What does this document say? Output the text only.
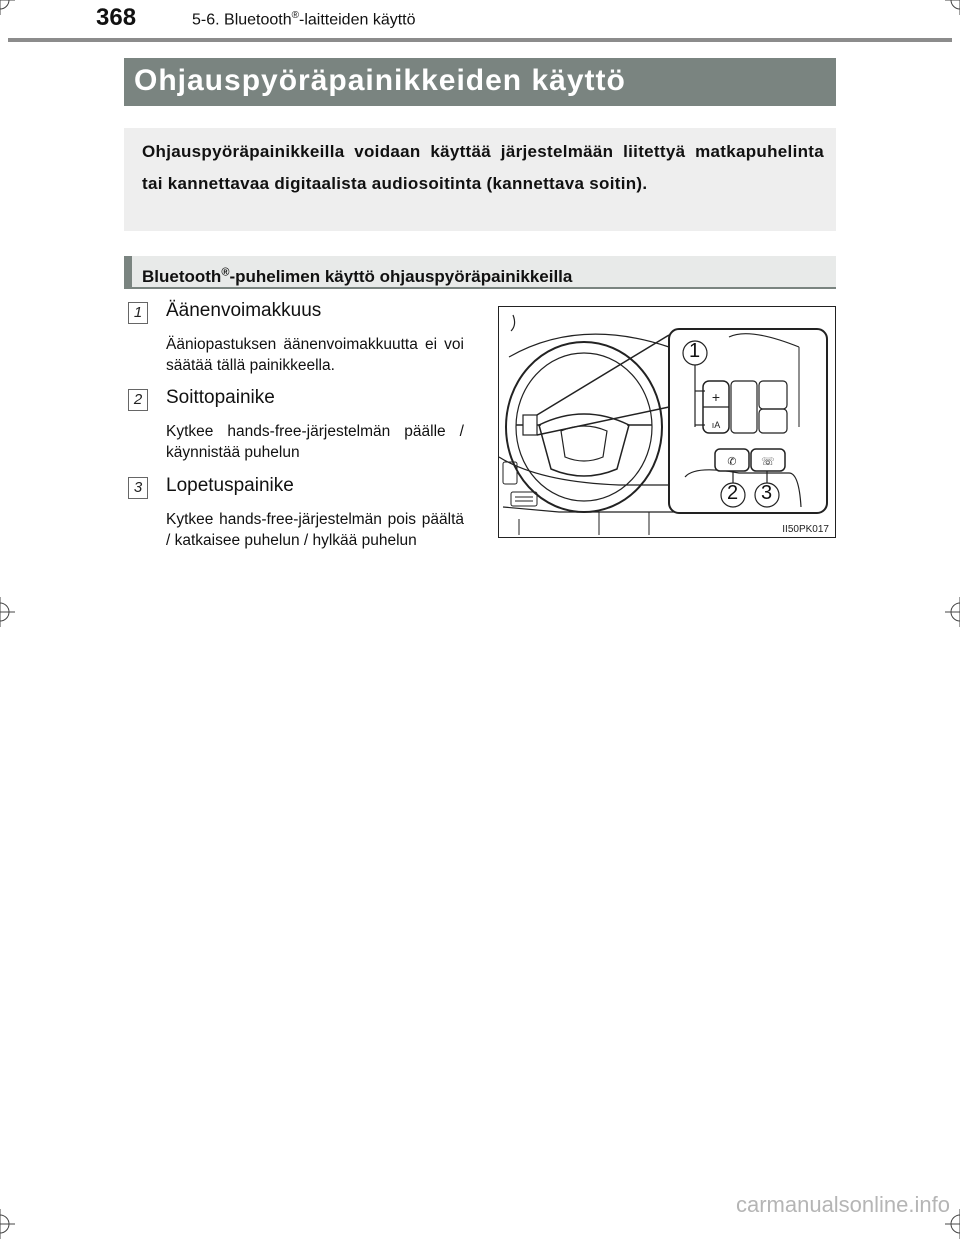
368	5-6. Bluetooth®-laitteiden käyttö
Ohjauspyöräpainikkeiden käyttö

Ohjauspyöräpainikkeilla voidaan käyttää järjestelmään liitettyä matkapuhelinta tai kannettavaa digitaalista audiosoitinta (kannettava soitin).

Bluetooth®-puhelimen käyttö ohjauspyöräpainikkeilla
1	Äänenvoimakkuus

Ääniopastuksen äänenvoimakkuutta ei voi säätää tällä painikkeella.

2	Soittopainike

Kytkee hands-free-järjestelmän päälle / käynnistää puhelun

3	Lopetuspainike

Kytkee hands-free-järjestelmän pois päältä / katkaisee puhelun / hylkää puhelun

+
ıA
✆ ☏
1
2 3
II50PK017
carmanualsonline.info
